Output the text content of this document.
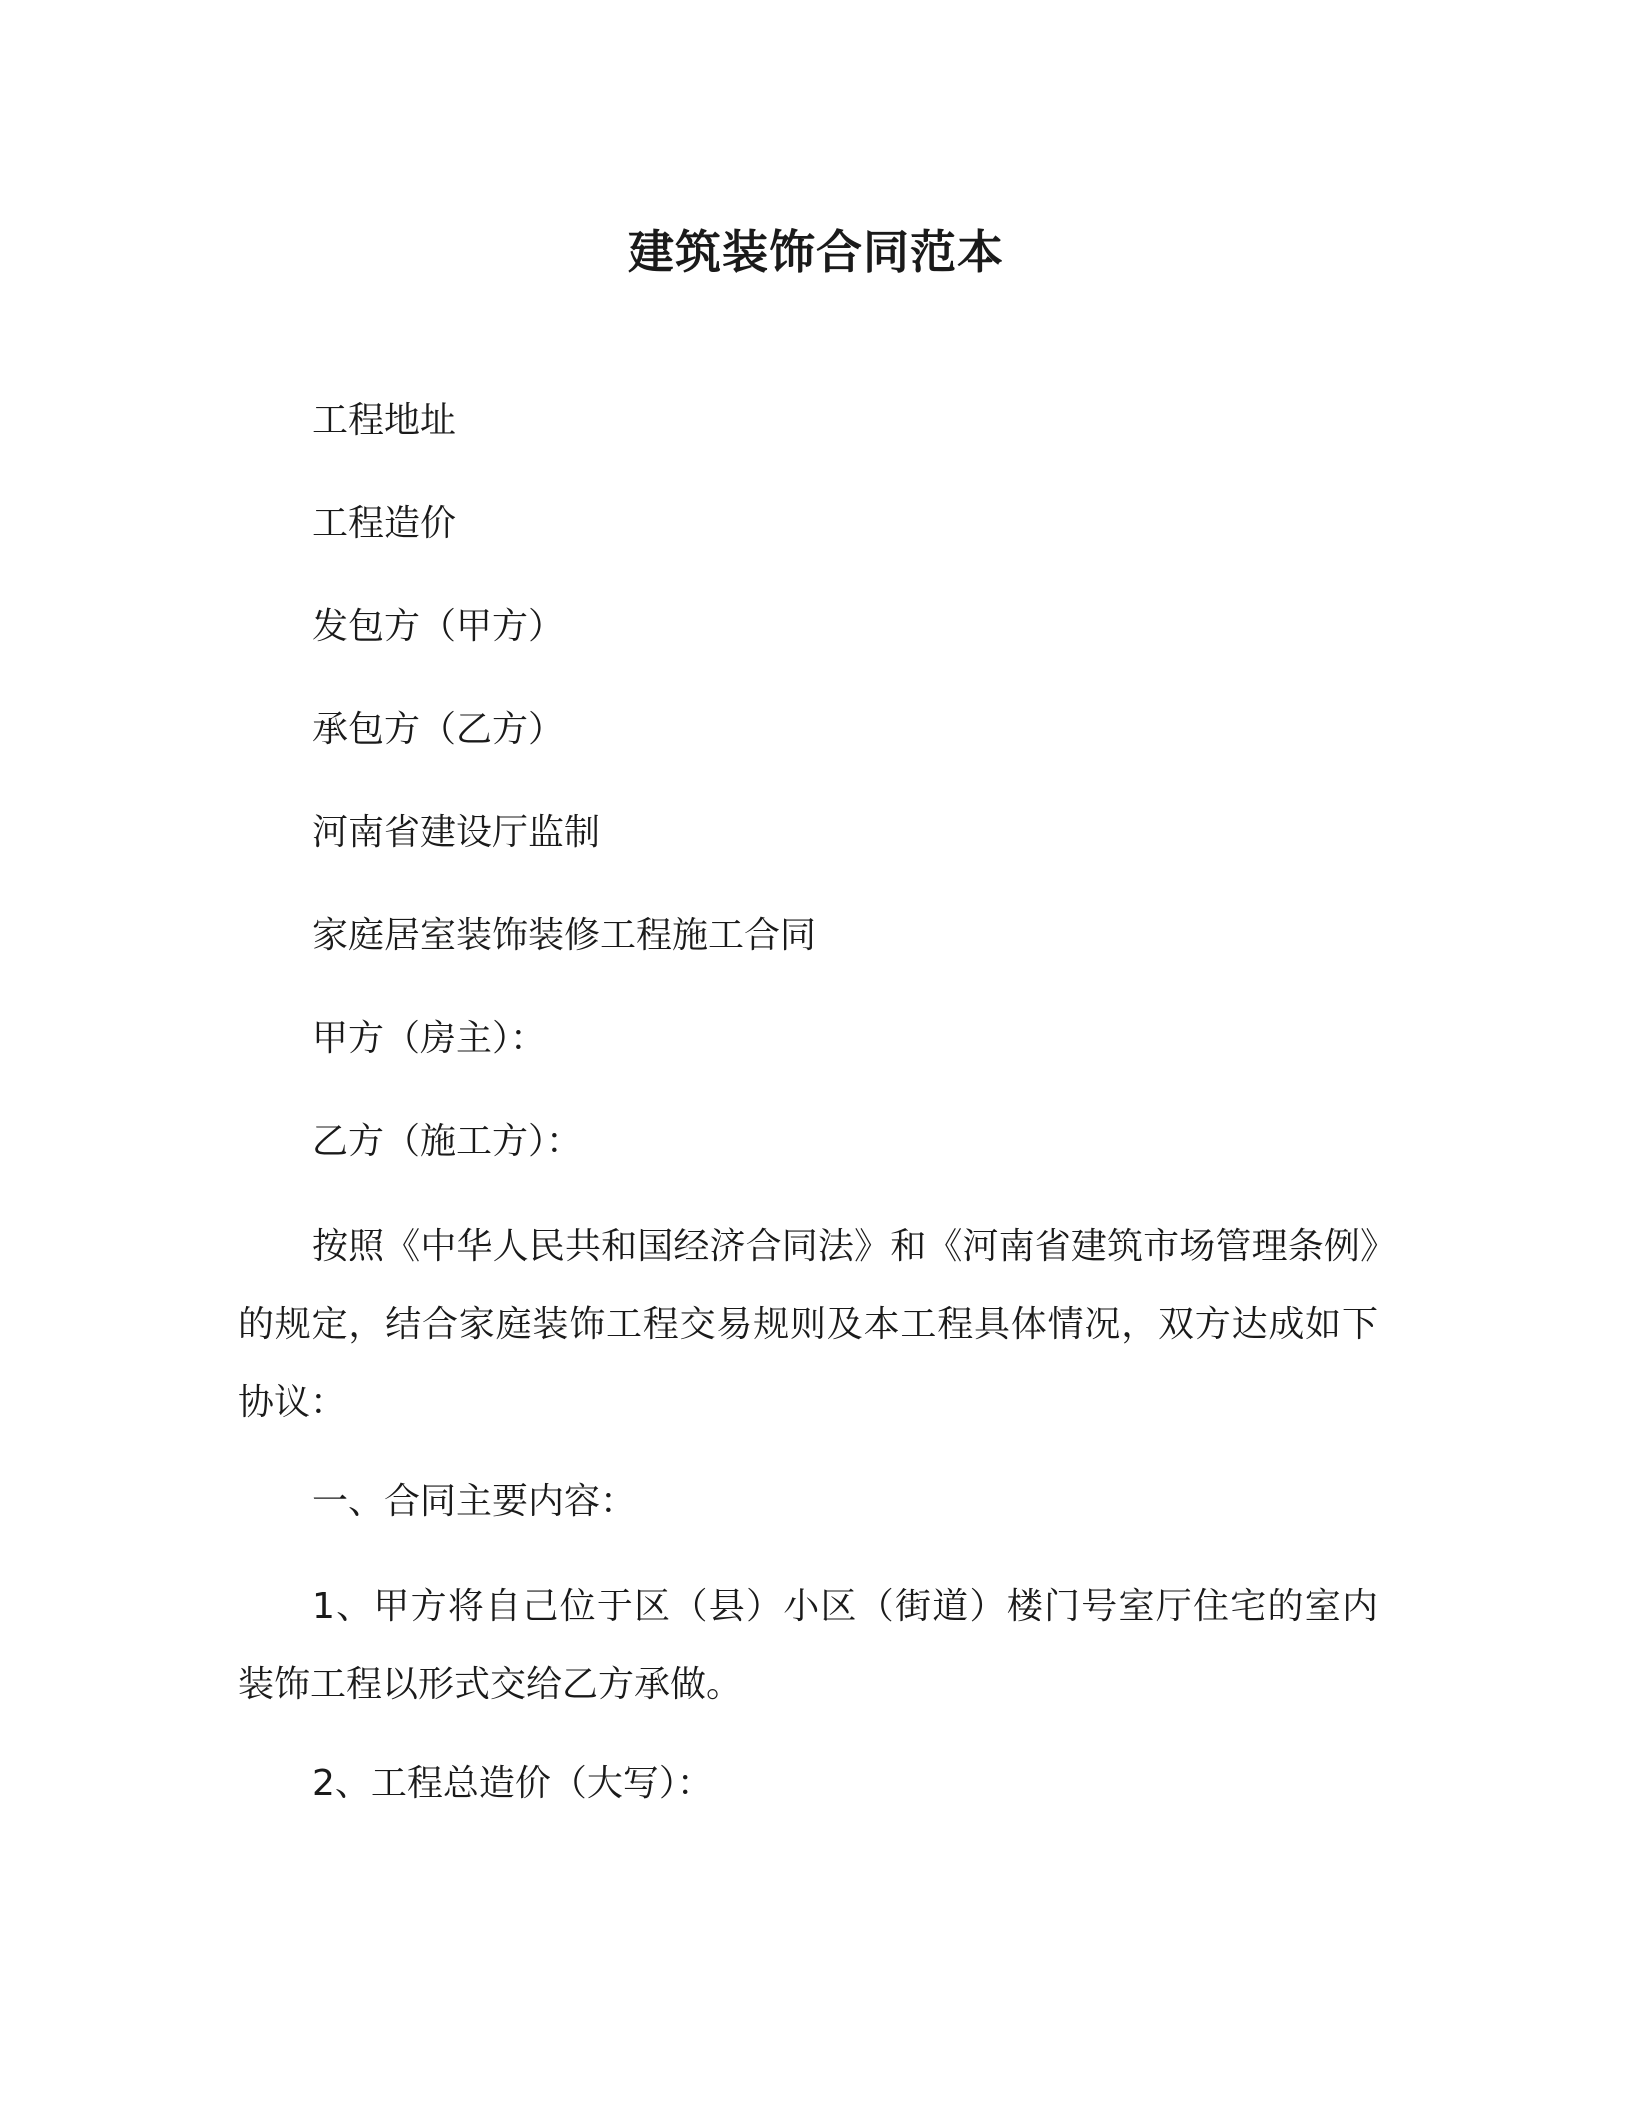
建筑装饰合同范本
工程地址
工程造价
发包方（甲方）
承包方（乙方）
河南省建设厅监制
家庭居室装饰装修工程施工合同
甲方（房主）：
乙方（施工方）：
按照《中华人民共和国经济合同法》和《河南省建筑市场管理条例》的规定，结合家庭装饰工程交易规则及本工程具体情况，双方达成如下协议：
一、合同主要内容：
1、甲方将自己位于区（县）小区（街道）楼门号室厅住宅的室内装饰工程以形式交给乙方承做。
2、工程总造价（大写）：
